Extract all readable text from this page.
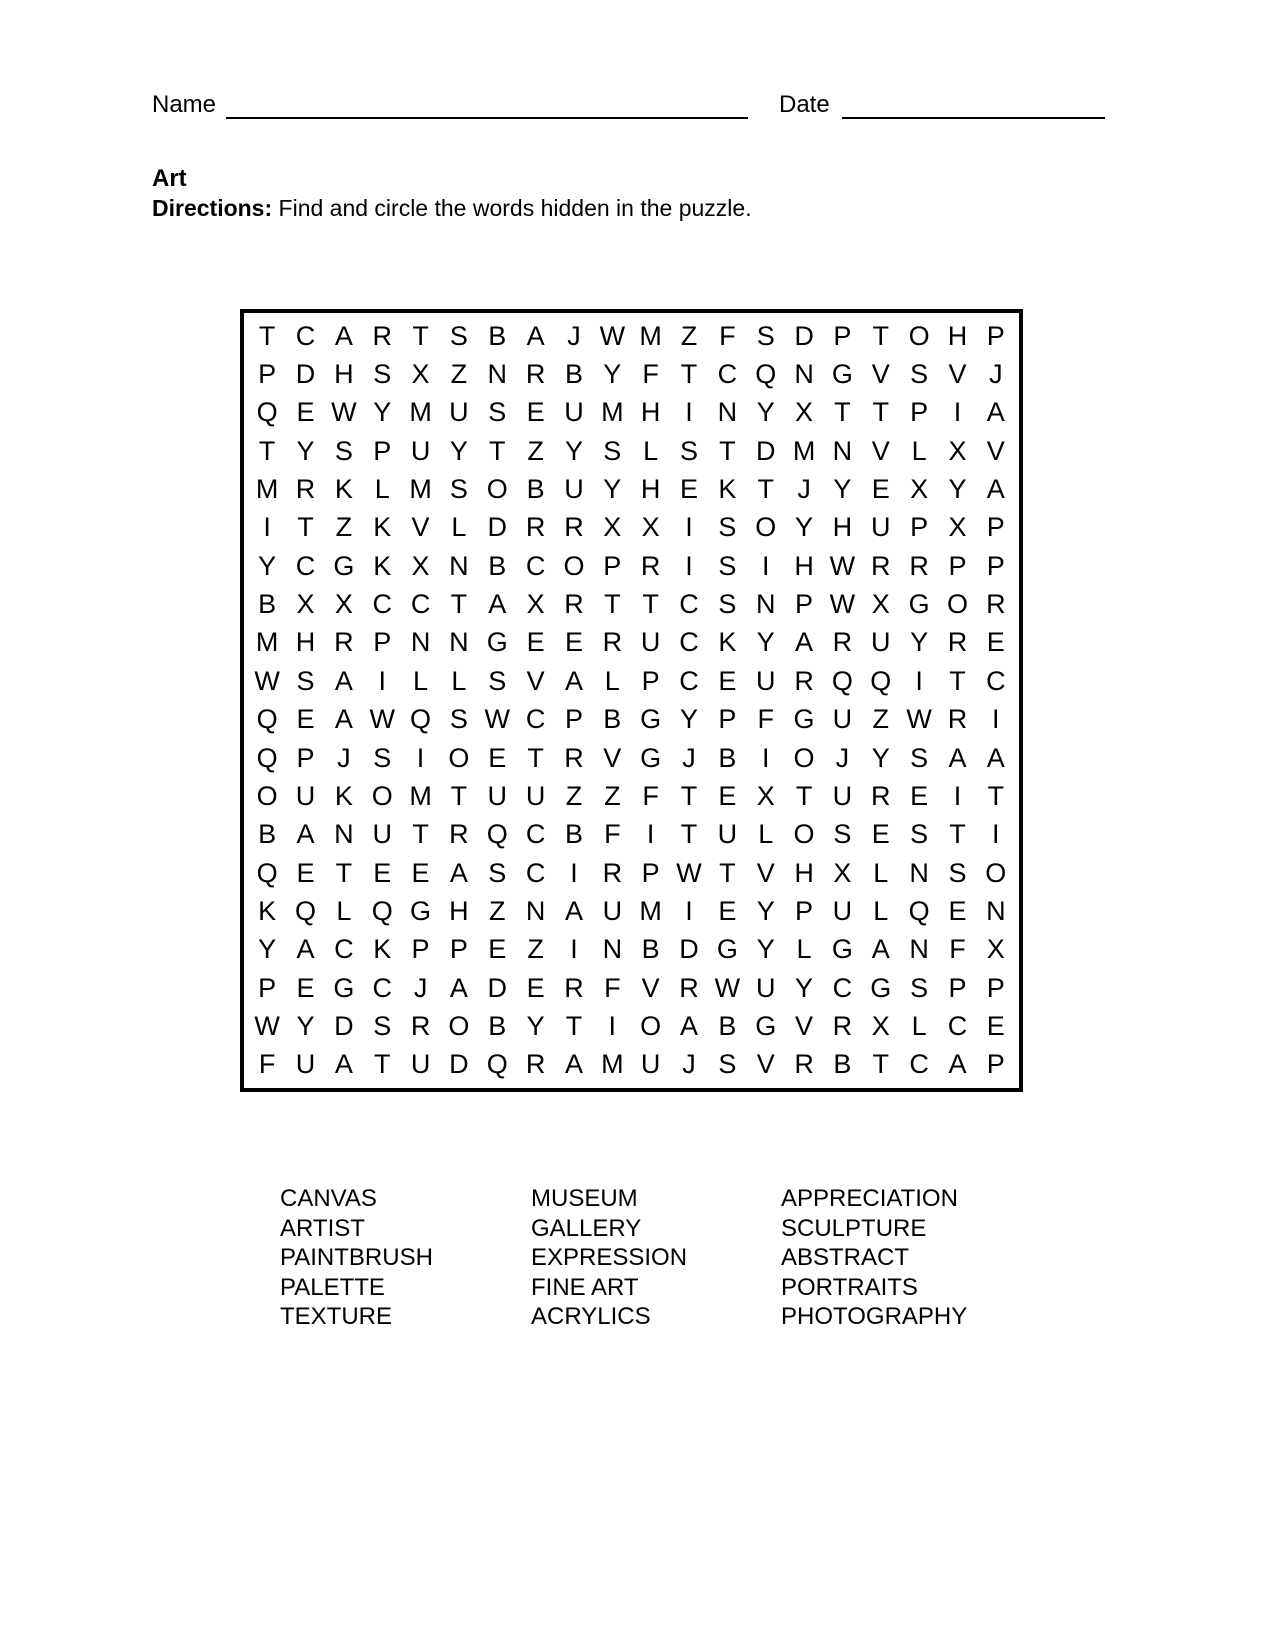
Name	Date
Art
Directions: Find and circle the words hidden in the puzzle.
T C A R T S B A J W M Z F S D P T O H P
P D H S X Z N R B Y F T C Q N G V S V J
Q E W Y M U S E U M H I N Y X T T P I A
T Y S P U Y T Z Y S L S T D M N V L X V
M R K L M S O B U Y H E K T J Y E X Y A
I T Z K V L D R R X X I S O Y H U P X P
Y C G K X N B C O P R I S I H W R R P P
B X X C C T A X R T T C S N P W X G O R
M H R P N N G E E R U C K Y A R U Y R E
W S A I	L L S V A L P C E U R Q Q I T C
Q E A W Q S W C P B G Y P F G U Z W R I
Q P J S I O E T R V G J B I O J Y S A A
O U K O M T U U Z Z F T E X T U R E I T
B A N U T R Q C B F I T U L O S E S T I
Q E T E E A S C I R P W T V H X L N S O
K Q L Q G H Z N A U M I E Y P U L Q E N
Y A C K P P E Z I N B D G Y L G A N F X
P E G C J A D E R F V R W U Y C G S P P
W Y D S R O B Y T I O A B G V R X L C E
F U A T U D Q R A M U J S V R B T C A P
CANVAS
ARTIST
PAINTBRUSH
PALETTE
TEXTURE
MUSEUM
GALLERY
EXPRESSION
FINE ART
ACRYLICS
APPRECIATION
SCULPTURE
ABSTRACT
PORTRAITS
PHOTOGRAPHY
